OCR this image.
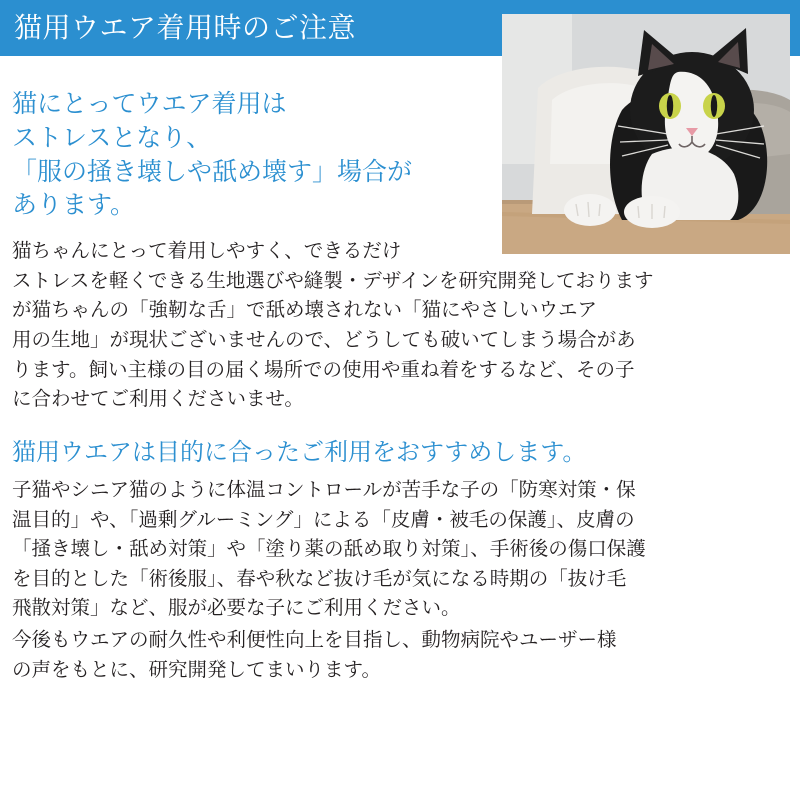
猫用ウエア着用時のご注意
猫にとってウエア着用は
ストレスとなり、
「服の掻き壊しや舐め壊す」場合が
あります。
猫ちゃんにとって着用しやすく、できるだけ
ストレスを軽くできる生地選びや縫製・デザインを研究開発しております
が猫ちゃんの「強靭な舌」で舐め壊されない「猫にやさしいウエア
用の生地」が現状ございませんので、どうしても破いてしまう場合があ
ります。飼い主様の目の届く場所での使用や重ね着をするなど、その子
に合わせてご利用くださいませ。
猫用ウエアは目的に合ったご利用をおすすめします。
子猫やシニア猫のように体温コントロールが苦手な子の「防寒対策・保
温目的」や、「過剰グルーミング」による「皮膚・被毛の保護」、皮膚の
「掻き壊し・舐め対策」や「塗り薬の舐め取り対策」、手術後の傷口保護
を目的とした「術後服」、春や秋など抜け毛が気になる時期の「抜け毛
飛散対策」など、服が必要な子にご利用ください。
今後もウエアの耐久性や利便性向上を目指し、動物病院やユーザー様
の声をもとに、研究開発してまいります。
